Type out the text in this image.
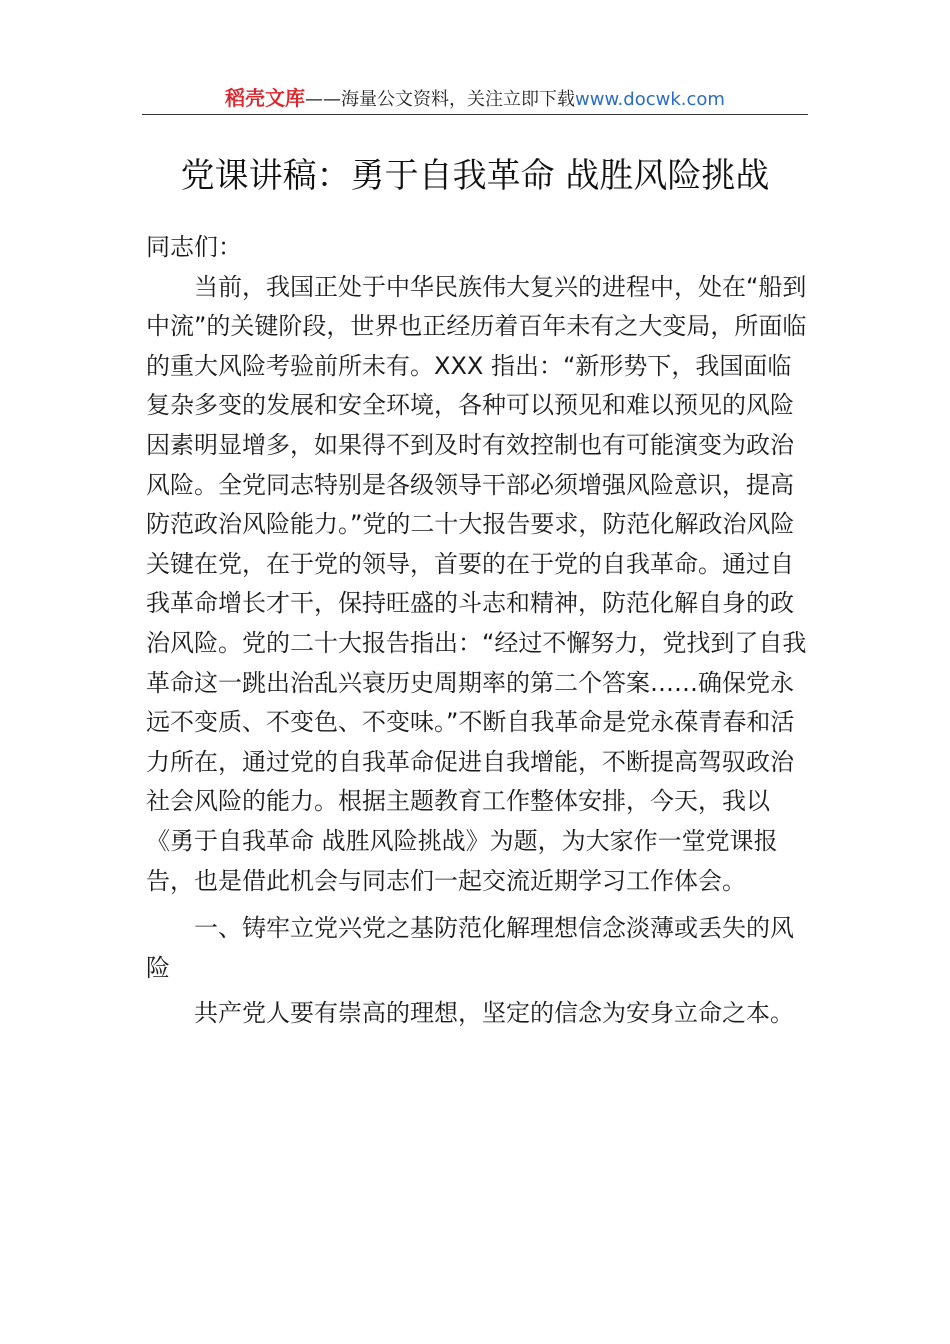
稻壳文库——海量公文资料，关注立即下载www.docwk.com
党课讲稿：勇于自我革命 战胜风险挑战

同志们：

当前，我国正处于中华民族伟大复兴的进程中，处在“船到中流”的关键阶段，世界也正经历着百年未有之大变局，所面临的重大风险考验前所未有。XXX 指出：“新形势下，我国面临复杂多变的发展和安全环境，各种可以预见和难以预见的风险因素明显增多，如果得不到及时有效控制也有可能演变为政治风险。全党同志特别是各级领导干部必须增强风险意识，提高防范政治风险能力。”党的二十大报告要求，防范化解政治风险关键在党，在于党的领导，首要的在于党的自我革命。通过自我革命增长才干，保持旺盛的斗志和精神，防范化解自身的政治风险。党的二十大报告指出：“经过不懈努力，党找到了自我革命这一跳出治乱兴衰历史周期率的第二个答案……确保党永远不变质、不变色、不变味。”不断自我革命是党永葆青春和活力所在，通过党的自我革命促进自我增能，不断提高驾驭政治社会风险的能力。根据主题教育工作整体安排，今天，我以《勇于自我革命 战胜风险挑战》为题，为大家作一堂党课报告，也是借此机会与同志们一起交流近期学习工作体会。

一、铸牢立党兴党之基防范化解理想信念淡薄或丢失的风险

共产党人要有崇高的理想，坚定的信念为安身立命之本。
